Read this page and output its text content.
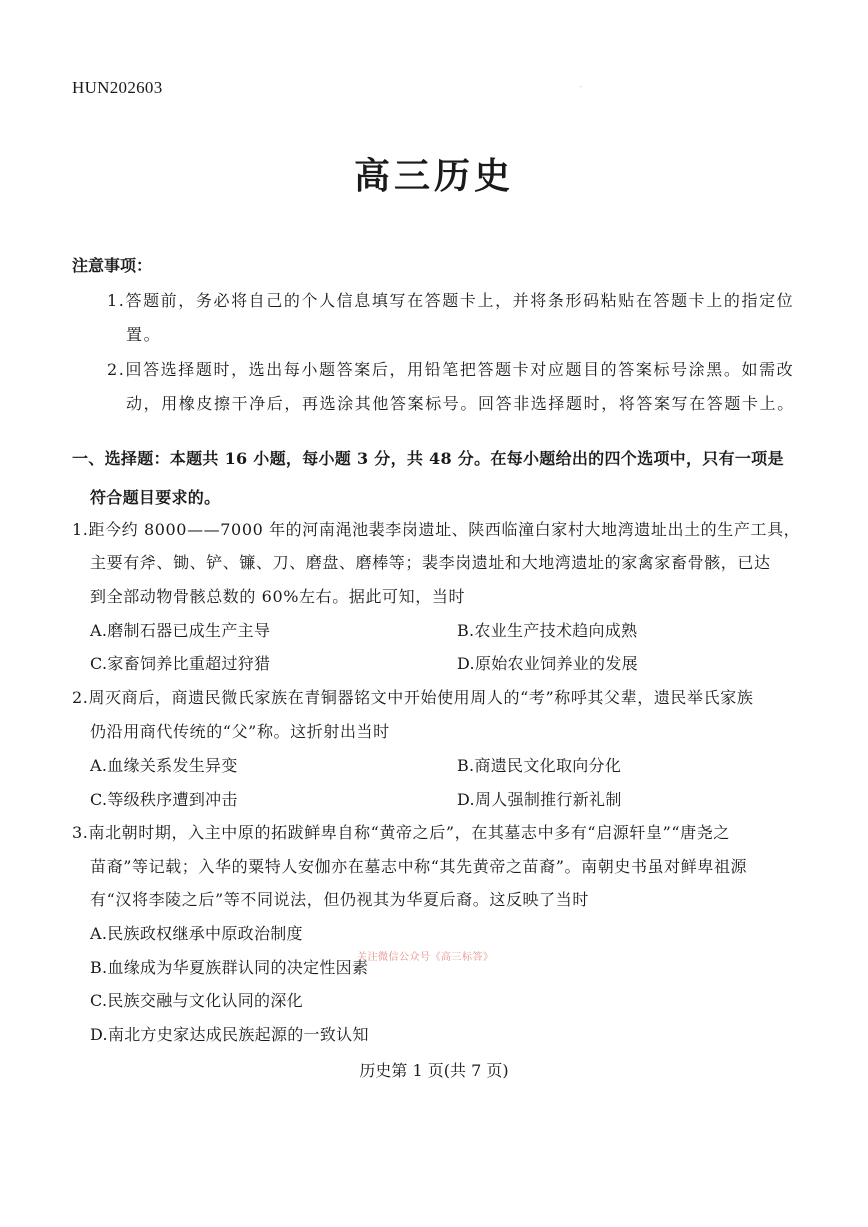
HUN202603	·
高三历史
注意事项：
1.答题前，务必将自己的个人信息填写在答题卡上，并将条形码粘贴在答题卡上的指定位
置。
2.回答选择题时，选出每小题答案后，用铅笔把答题卡对应题目的答案标号涂黑。如需改
动，用橡皮擦干净后，再选涂其他答案标号。回答非选择题时，将答案写在答题卡上。
一、选择题：本题共 16 小题，每小题 3 分，共 48 分。在每小题给出的四个选项中，只有一项是
符合题目要求的。
1.距今约 8000——7000 年的河南渑池裴李岗遗址、陕西临潼白家村大地湾遗址出土的生产工具，
主要有斧、锄、铲、镰、刀、磨盘、磨棒等；裴李岗遗址和大地湾遗址的家禽家畜骨骸，已达
到全部动物骨骸总数的 60%左右。据此可知，当时
A.磨制石器已成生产主导	B.农业生产技术趋向成熟
C.家畜饲养比重超过狩猎	D.原始农业饲养业的发展
2.周灭商后，商遗民微氏家族在青铜器铭文中开始使用周人的“考”称呼其父辈，遗民举氏家族
仍沿用商代传统的“父”称。这折射出当时
A.血缘关系发生异变	B.商遗民文化取向分化
C.等级秩序遭到冲击	D.周人强制推行新礼制
3.南北朝时期，入主中原的拓跋鲜卑自称“黄帝之后”，在其墓志中多有“启源轩皇”“唐尧之
苗裔”等记载；入华的粟特人安伽亦在墓志中称“其先黄帝之苗裔”。南朝史书虽对鲜卑祖源
有“汉将李陵之后”等不同说法，但仍视其为华夏后裔。这反映了当时
A.民族政权继承中原政治制度
B.血缘成为华夏族群认同的决定性因素
C.民族交融与文化认同的深化
D.南北方史家达成民族起源的一致认知
关注微信公众号《高三标答》
历史第 1 页(共 7 页)
